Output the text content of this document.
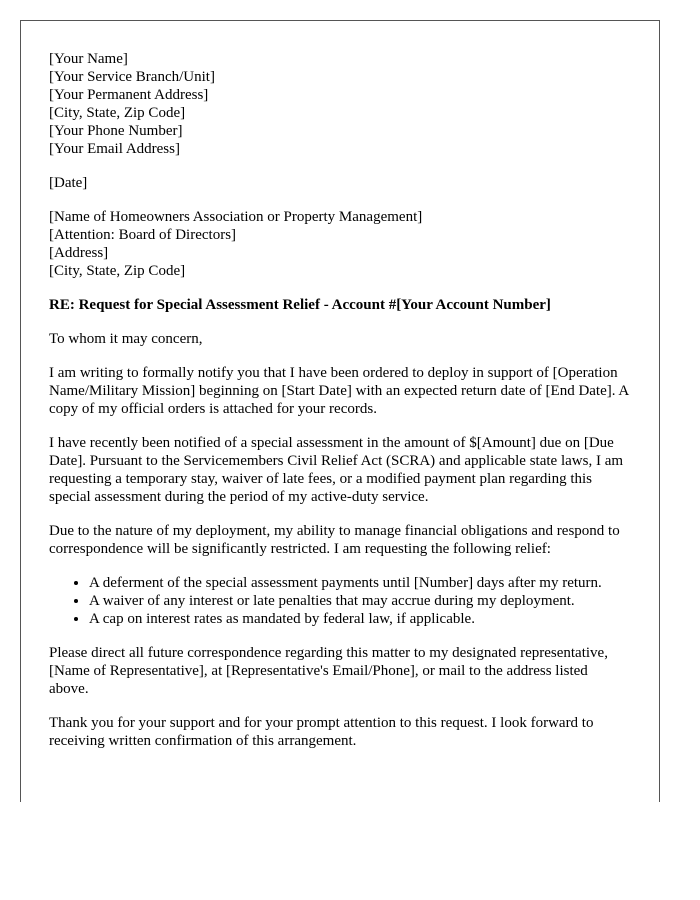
[Your Name]
[Your Service Branch/Unit]
[Your Permanent Address]
[City, State, Zip Code]
[Your Phone Number]
[Your Email Address]
[Date]
[Name of Homeowners Association or Property Management]
[Attention: Board of Directors]
[Address]
[City, State, Zip Code]
RE: Request for Special Assessment Relief - Account #[Your Account Number]

To whom it may concern,

I am writing to formally notify you that I have been ordered to deploy in support of [Operation Name/Military Mission] beginning on [Start Date] with an expected return date of [End Date]. A copy of my official orders is attached for your records.

I have recently been notified of a special assessment in the amount of $[Amount] due on [Due Date]. Pursuant to the Servicemembers Civil Relief Act (SCRA) and applicable state laws, I am requesting a temporary stay, waiver of late fees, or a modified payment plan regarding this special assessment during the period of my active-duty service.

Due to the nature of my deployment, my ability to manage financial obligations and respond to correspondence will be significantly restricted. I am requesting the following relief:

• A deferment of the special assessment payments until [Number] days after my return.
• A waiver of any interest or late penalties that may accrue during my deployment.
• A cap on interest rates as mandated by federal law, if applicable.

Please direct all future correspondence regarding this matter to my designated representative, [Name of Representative], at [Representative's Email/Phone], or mail to the address listed above.

Thank you for your support and for your prompt attention to this request. I look forward to receiving written confirmation of this arrangement.
